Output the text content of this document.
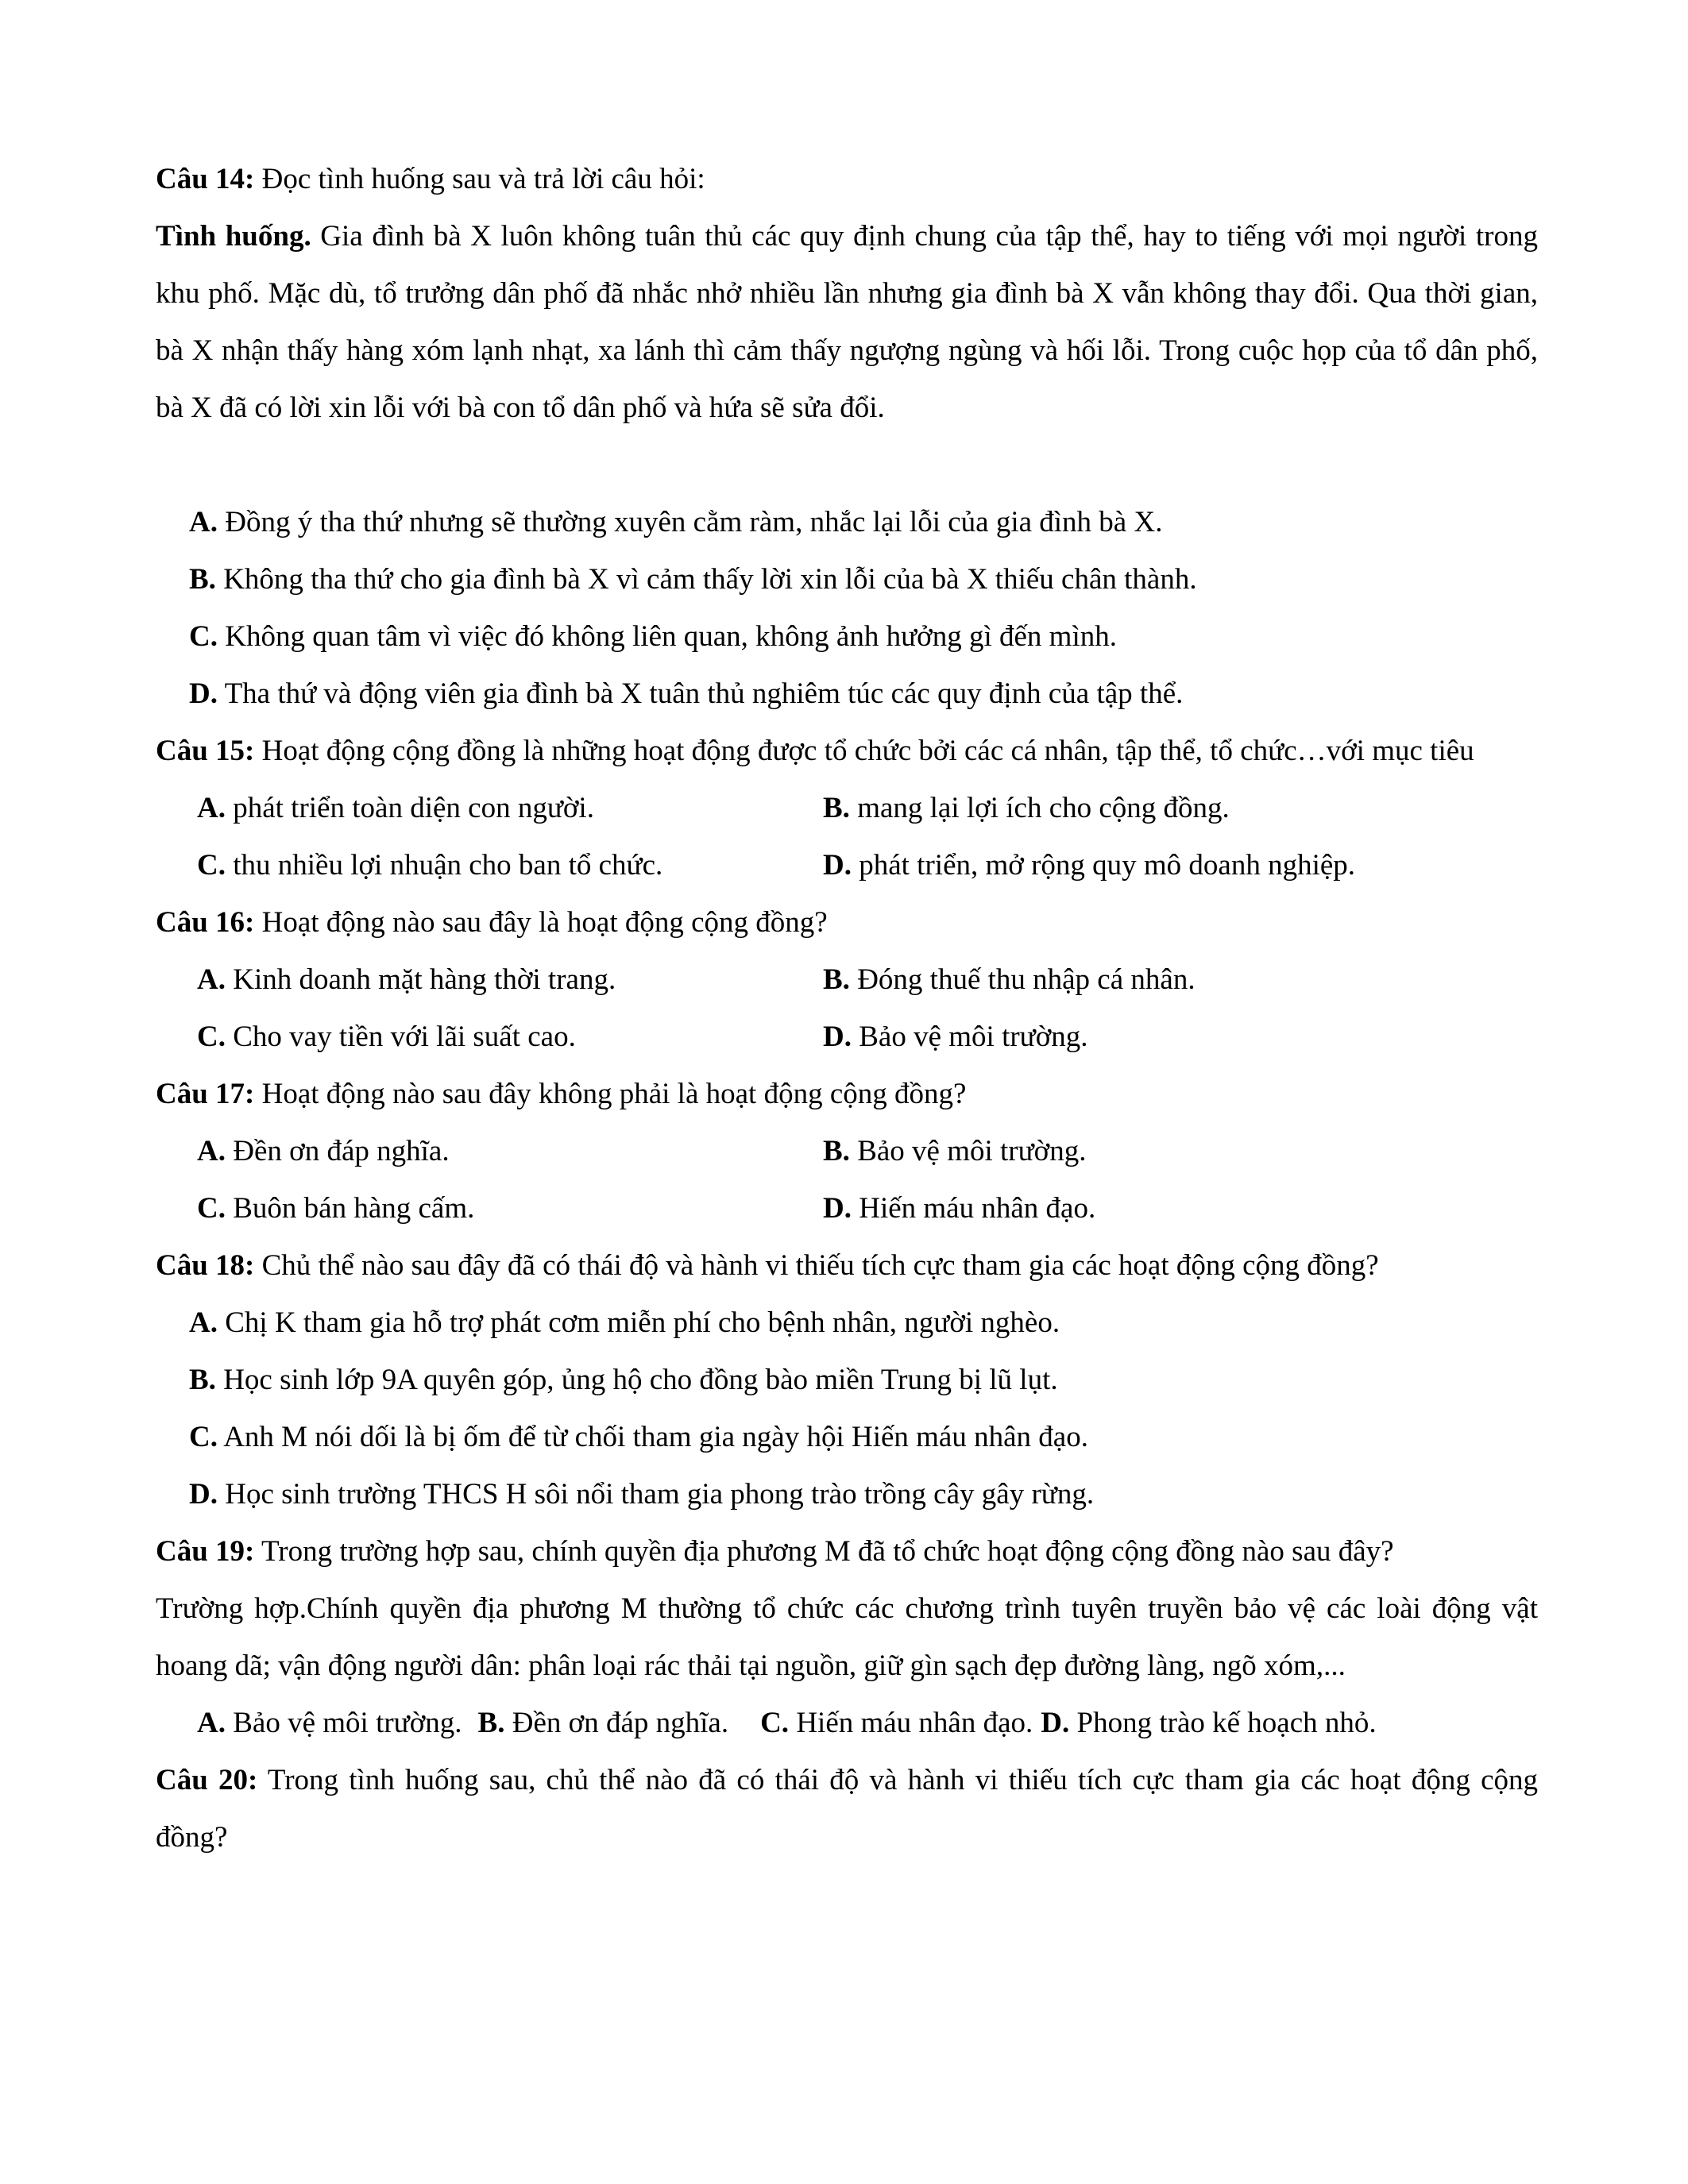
Câu 14: Đọc tình huống sau và trả lời câu hỏi:

Tình huống. Gia đình bà X luôn không tuân thủ các quy định chung của tập thể, hay to tiếng với mọi người trong khu phố. Mặc dù, tổ trưởng dân phố đã nhắc nhở nhiều lần nhưng gia đình bà X vẫn không thay đổi. Qua thời gian, bà X nhận thấy hàng xóm lạnh nhạt, xa lánh thì cảm thấy ngượng ngùng và hối lỗi. Trong cuộc họp của tổ dân phố, bà X đã có lời xin lỗi với bà con tổ dân phố và hứa sẽ sửa đổi.

A. Đồng ý tha thứ nhưng sẽ thường xuyên cằm ràm, nhắc lại lỗi của gia đình bà X.

B. Không tha thứ cho gia đình bà X vì cảm thấy lời xin lỗi của bà X thiếu chân thành.

C. Không quan tâm vì việc đó không liên quan, không ảnh hưởng gì đến mình.

D. Tha thứ và động viên gia đình bà X tuân thủ nghiêm túc các quy định của tập thể.

Câu 15: Hoạt động cộng đồng là những hoạt động được tổ chức bởi các cá nhân, tập thể, tổ chức…với mục tiêu

A. phát triển toàn diện con người.	B. mang lại lợi ích cho cộng đồng.
C. thu nhiều lợi nhuận cho ban tổ chức.	D. phát triển, mở rộng quy mô doanh nghiệp.

Câu 16: Hoạt động nào sau đây là hoạt động cộng đồng?

A. Kinh doanh mặt hàng thời trang.	B. Đóng thuế thu nhập cá nhân.
C. Cho vay tiền với lãi suất cao.	D. Bảo vệ môi trường.

Câu 17: Hoạt động nào sau đây không phải là hoạt động cộng đồng?

A. Đền ơn đáp nghĩa.	B. Bảo vệ môi trường.
C. Buôn bán hàng cấm.	D. Hiến máu nhân đạo.

Câu 18: Chủ thể nào sau đây đã có thái độ và hành vi thiếu tích cực tham gia các hoạt động cộng đồng?

A. Chị K tham gia hỗ trợ phát cơm miễn phí cho bệnh nhân, người nghèo.

B. Học sinh lớp 9A quyên góp, ủng hộ cho đồng bào miền Trung bị lũ lụt.

C. Anh M nói dối là bị ốm để từ chối tham gia ngày hội Hiến máu nhân đạo.

D. Học sinh trường THCS H sôi nổi tham gia phong trào trồng cây gây rừng.

Câu 19: Trong trường hợp sau, chính quyền địa phương M đã tổ chức hoạt động cộng đồng nào sau đây?

Trường hợp.Chính quyền địa phương M thường tổ chức các chương trình tuyên truyền bảo vệ các loài động vật hoang dã; vận động người dân: phân loại rác thải tại nguồn, giữ gìn sạch đẹp đường làng, ngõ xóm,...

A. Bảo vệ môi trường. B. Đền ơn đáp nghĩa. C. Hiến máu nhân đạo. D. Phong trào kế hoạch nhỏ.

Câu 20: Trong tình huống sau, chủ thể nào đã có thái độ và hành vi thiếu tích cực tham gia các hoạt động cộng đồng?
